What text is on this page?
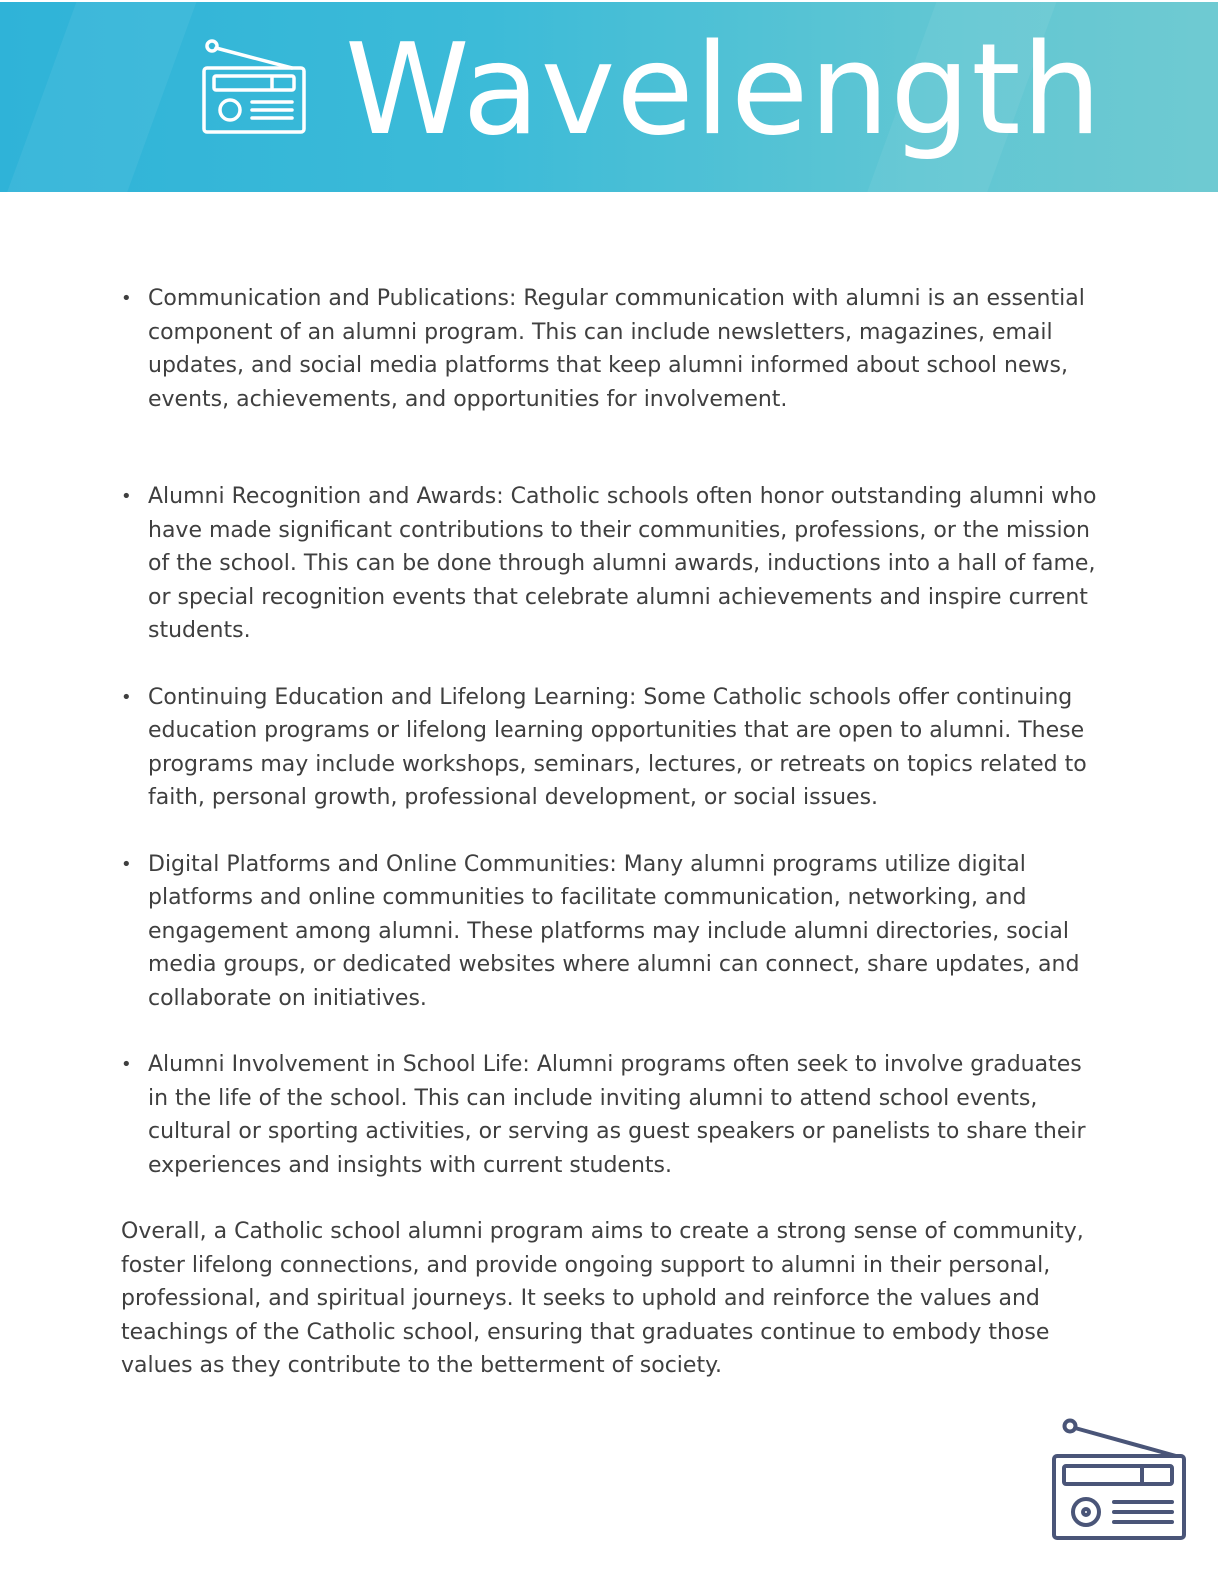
Wavelength
• Communication and Publications: Regular communication with alumni is an essential component of an alumni program. This can include newsletters, magazines, email updates, and social media platforms that keep alumni informed about school news, events, achievements, and opportunities for involvement.
• Alumni Recognition and Awards: Catholic schools often honor outstanding alumni who have made significant contributions to their communities, professions, or the mission of the school. This can be done through alumni awards, inductions into a hall of fame, or special recognition events that celebrate alumni achievements and inspire current students.
• Continuing Education and Lifelong Learning: Some Catholic schools offer continuing education programs or lifelong learning opportunities that are open to alumni. These programs may include workshops, seminars, lectures, or retreats on topics related to faith, personal growth, professional development, or social issues.
• Digital Platforms and Online Communities: Many alumni programs utilize digital platforms and online communities to facilitate communication, networking, and engagement among alumni. These platforms may include alumni directories, social media groups, or dedicated websites where alumni can connect, share updates, and collaborate on initiatives.
• Alumni Involvement in School Life: Alumni programs often seek to involve graduates in the life of the school. This can include inviting alumni to attend school events, cultural or sporting activities, or serving as guest speakers or panelists to share their experiences and insights with current students.

Overall, a Catholic school alumni program aims to create a strong sense of community, foster lifelong connections, and provide ongoing support to alumni in their personal, professional, and spiritual journeys. It seeks to uphold and reinforce the values and teachings of the Catholic school, ensuring that graduates continue to embody those values as they contribute to the betterment of society.
